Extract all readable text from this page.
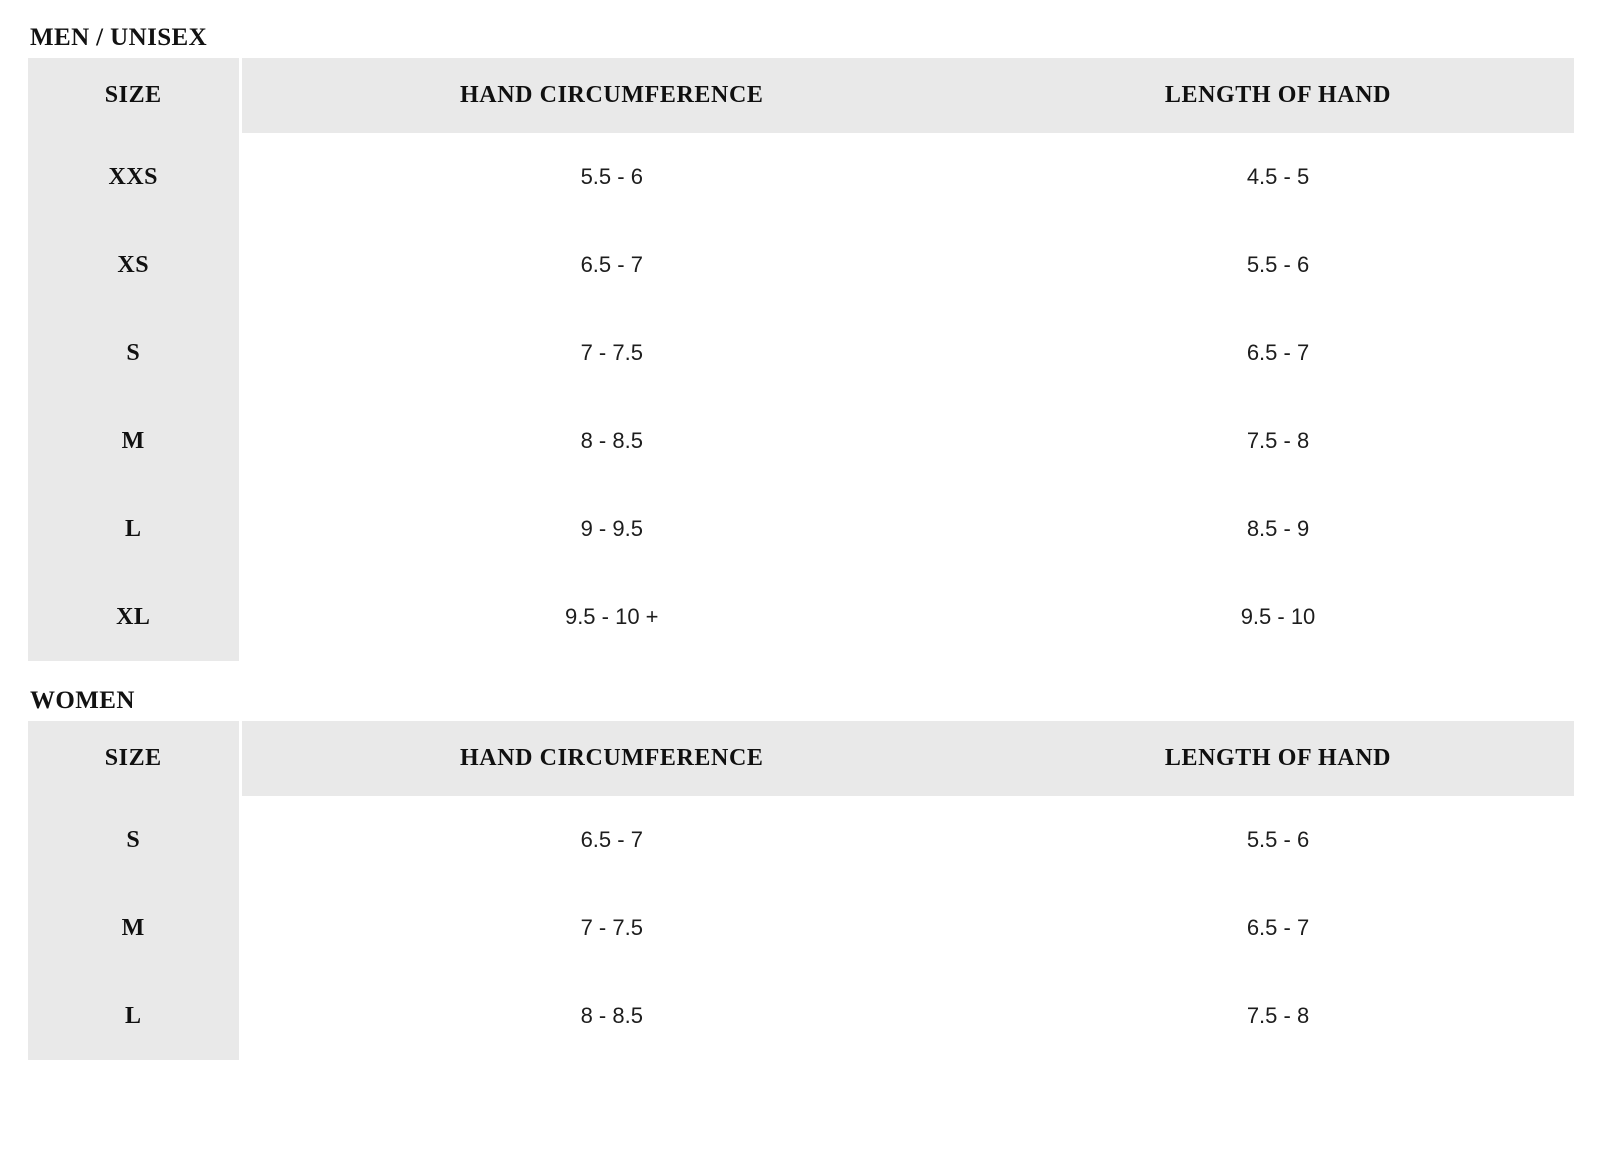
MEN / UNISEX
SIZE	HAND CIRCUMFERENCE	LENGTH OF HAND
XXS	5.5 - 6	4.5 - 5
XS	6.5 - 7	5.5 - 6
S	7 - 7.5	6.5 - 7
M	8 - 8.5	7.5 - 8
L	9 - 9.5	8.5 - 9
XL	9.5 - 10 +	9.5 - 10
WOMEN
SIZE	HAND CIRCUMFERENCE	LENGTH OF HAND
S	6.5 - 7	5.5 - 6
M	7 - 7.5	6.5 - 7
L	8 - 8.5	7.5 - 8
